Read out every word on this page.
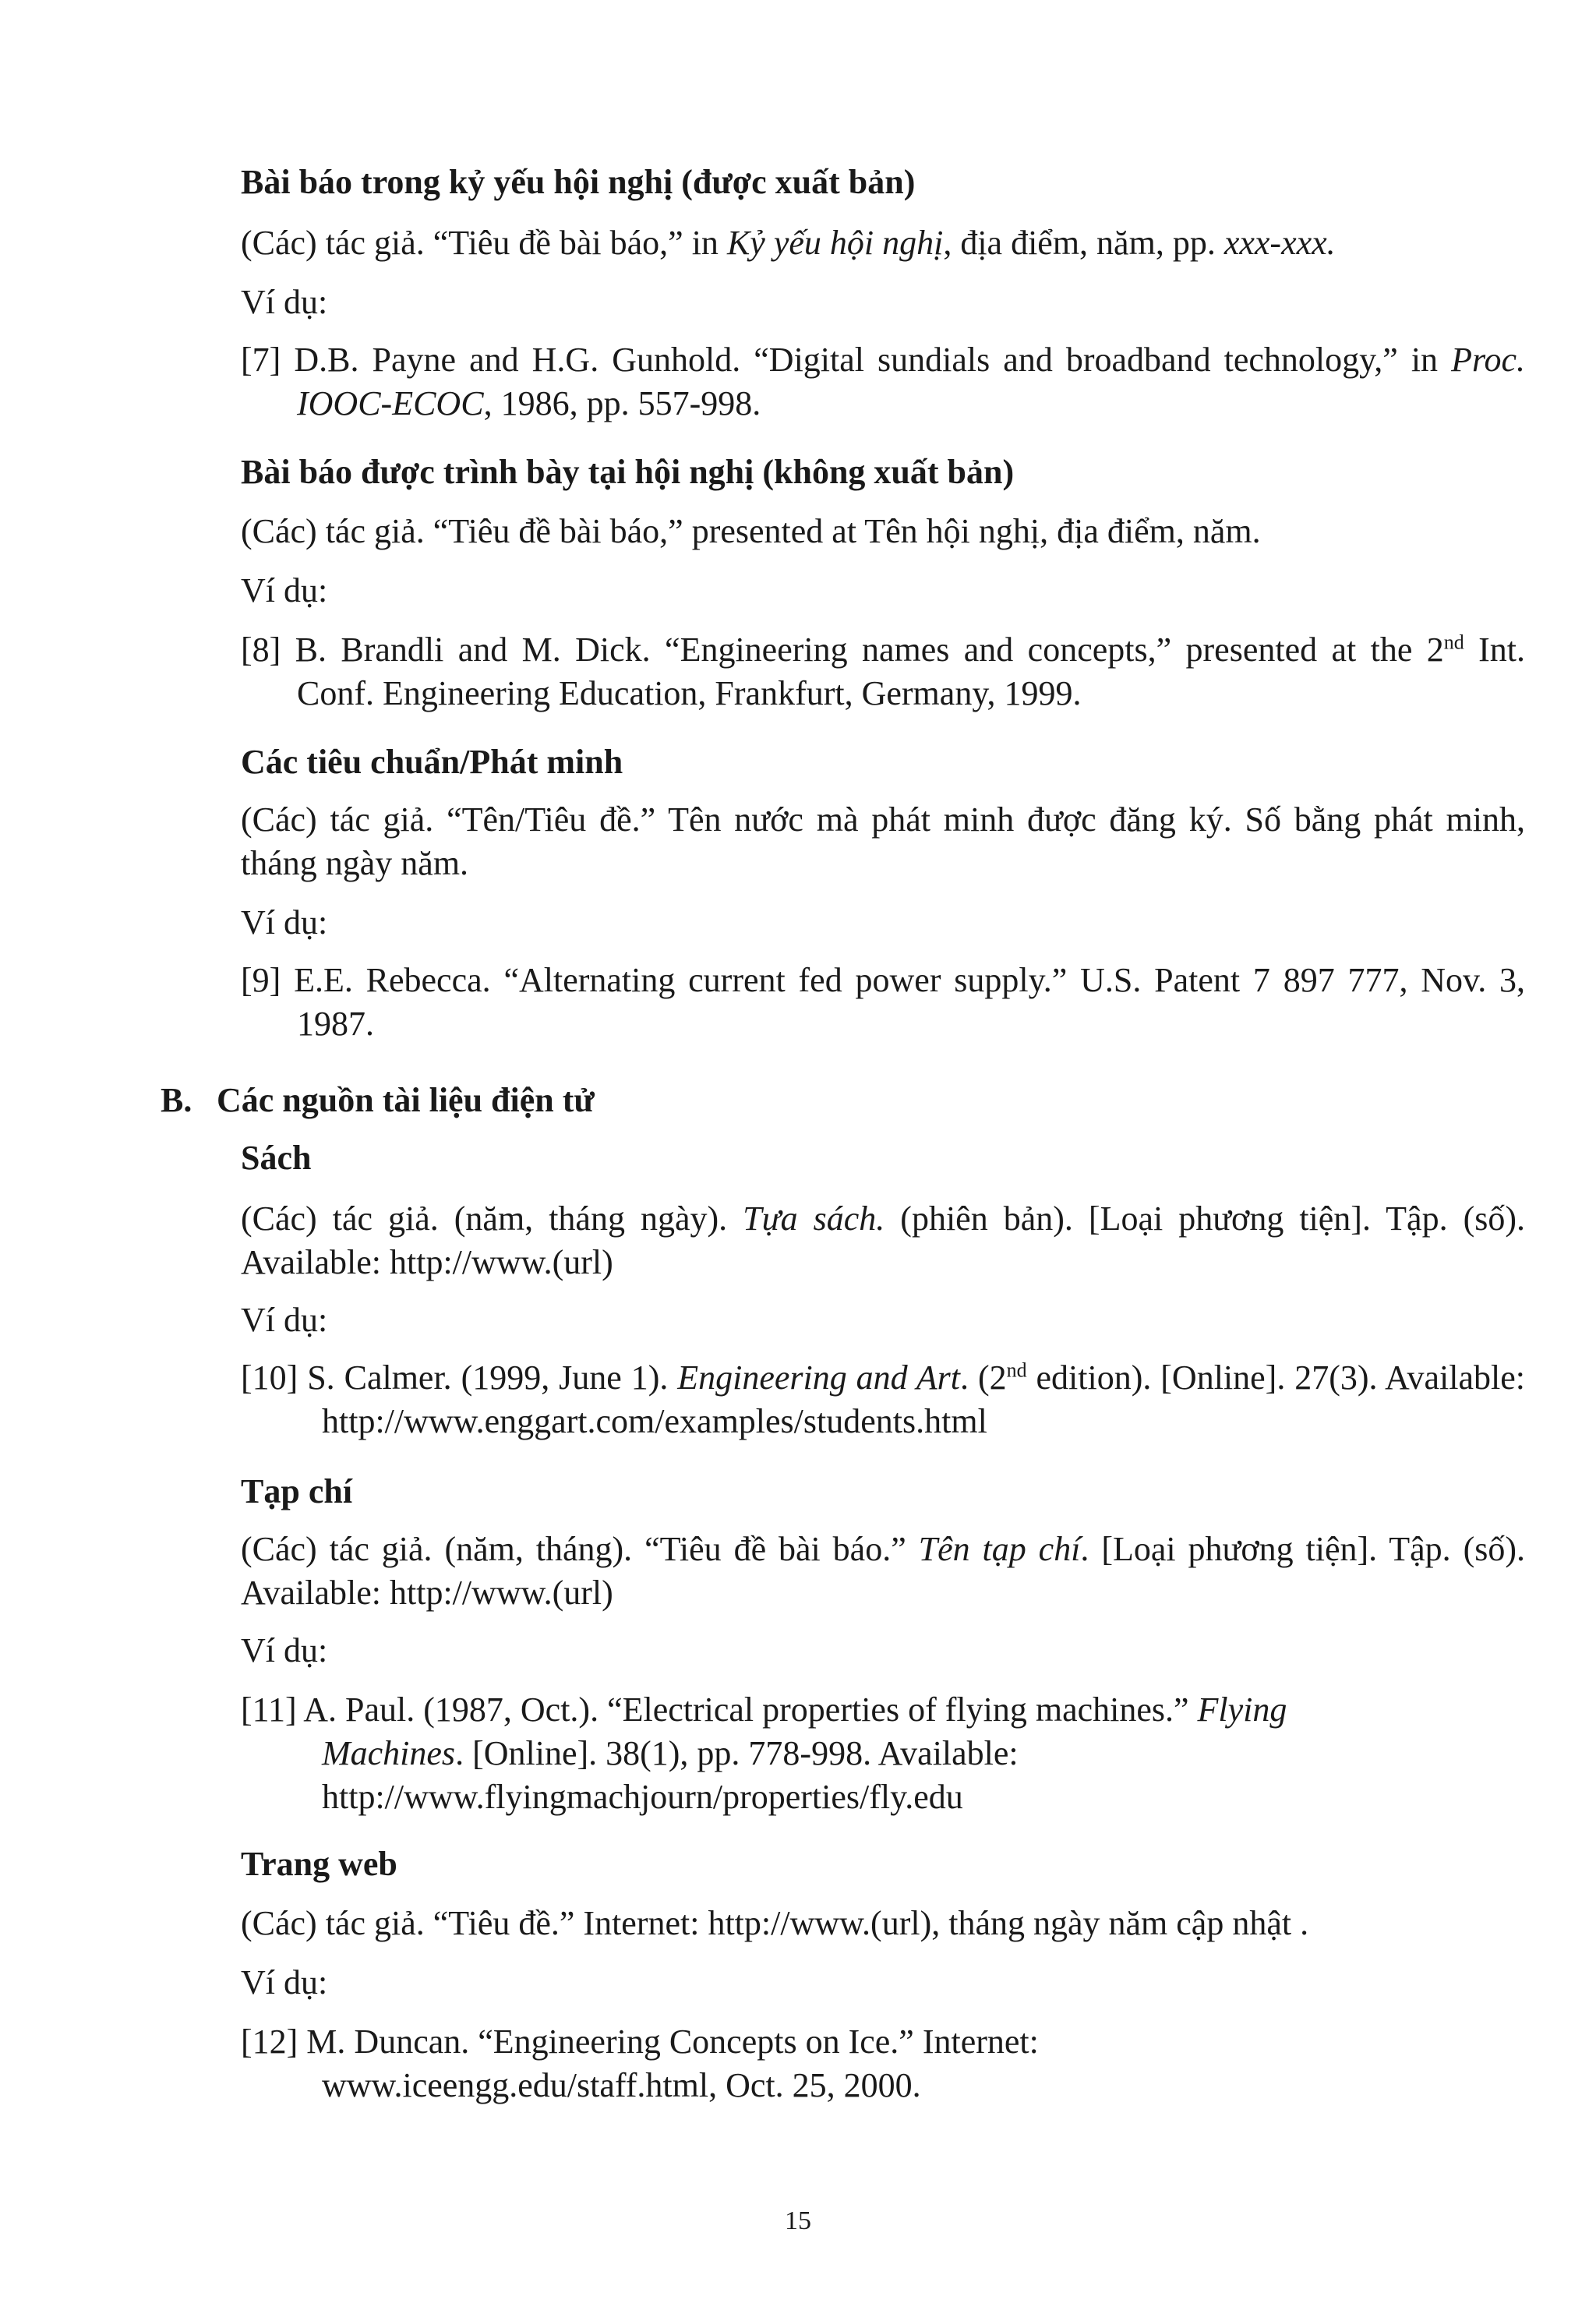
Bài báo trong kỷ yếu hội nghị (được xuất bản)

(Các) tác giả. “Tiêu đề bài báo,” in Kỷ yếu hội nghị, địa điểm, năm, pp. xxx-xxx.

Ví dụ:

[7] D.B. Payne and H.G. Gunhold. “Digital sundials and broadband technology,” in Proc. IOOC-ECOC, 1986, pp. 557-998.

Bài báo được trình bày tại hội nghị (không xuất bản)

(Các) tác giả. “Tiêu đề bài báo,” presented at Tên hội nghị, địa điểm, năm.

Ví dụ:

[8] B. Brandli and M. Dick. “Engineering names and concepts,” presented at the 2nd Int. Conf. Engineering Education, Frankfurt, Germany, 1999.

Các tiêu chuẩn/Phát minh

(Các) tác giả. “Tên/Tiêu đề.” Tên nước mà phát minh được đăng ký. Số bằng phát minh, tháng ngày năm.

Ví dụ:

[9] E.E. Rebecca. “Alternating current fed power supply.” U.S. Patent 7 897 777, Nov. 3, 1987.

B. Các nguồn tài liệu điện tử

Sách

(Các) tác giả. (năm, tháng ngày). Tựa sách. (phiên bản). [Loại phương tiện]. Tập. (số). Available: http://www.(url)

Ví dụ:

[10] S. Calmer. (1999, June 1). Engineering and Art. (2nd edition). [Online]. 27(3). Available: http://www.enggart.com/examples/students.html

Tạp chí

(Các) tác giả. (năm, tháng). “Tiêu đề bài báo.” Tên tạp chí. [Loại phương tiện]. Tập. (số). Available: http://www.(url)

Ví dụ:

[11] A. Paul. (1987, Oct.). “Electrical properties of flying machines.” Flying Machines. [Online]. 38(1), pp. 778-998. Available: http://www.flyingmachjourn/properties/fly.edu

Trang web

(Các) tác giả. “Tiêu đề.” Internet: http://www.(url), tháng ngày năm cập nhật .

Ví dụ:

[12] M. Duncan. “Engineering Concepts on Ice.” Internet: www.iceengg.edu/staff.html, Oct. 25, 2000.

15
